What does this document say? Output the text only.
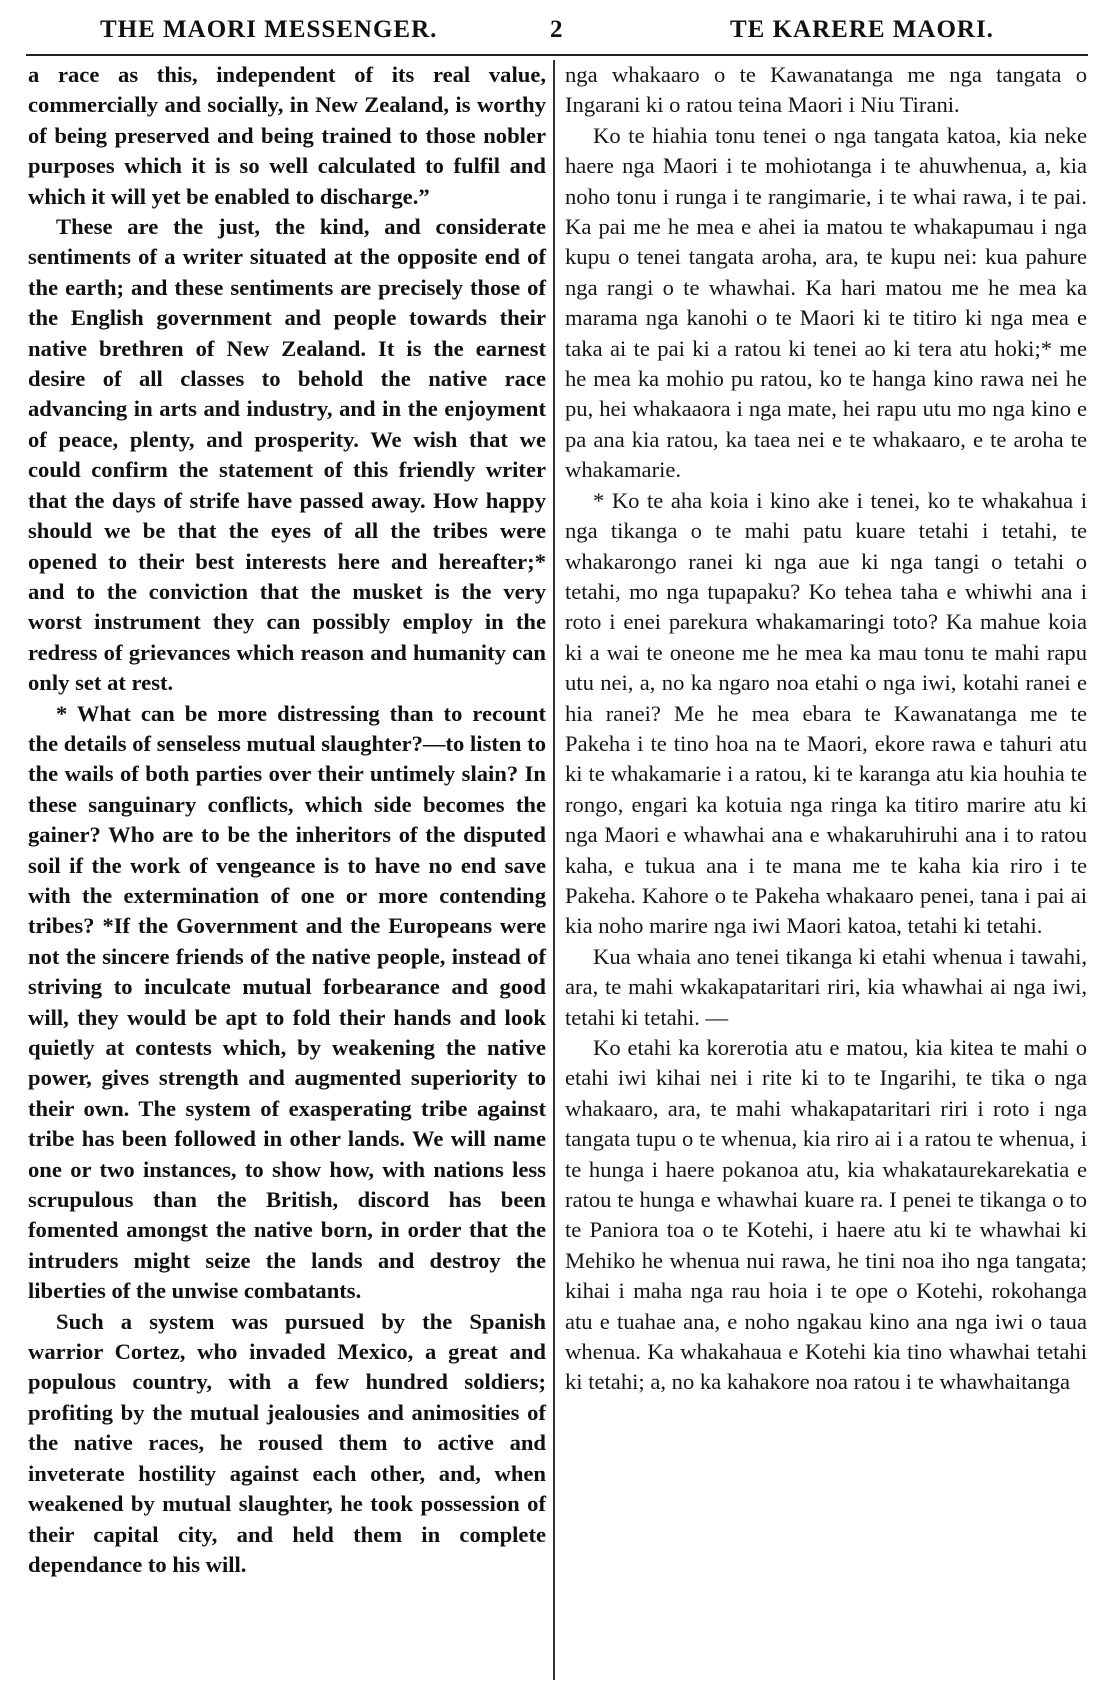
THE MAORI MESSENGER.	2	TE KARERE MAORI.

a race as this, independent of its real value, commercially and socially, in New Zealand, is worthy of being preserved and being trained to those nobler purposes which it is so well calculated to fulfil and which it will yet be enabled to discharge.”

These are the just, the kind, and considerate sentiments of a writer situated at the opposite end of the earth; and these sentiments are precisely those of the English government and people towards their native brethren of New Zealand. It is the earnest desire of all classes to behold the native race advancing in arts and industry, and in the enjoyment of peace, plenty, and prosperity. We wish that we could confirm the statement of this friendly writer that the days of strife have passed away. How happy should we be that the eyes of all the tribes were opened to their best interests here and hereafter;* and to the conviction that the musket is the very worst instrument they can possibly employ in the redress of grievances which reason and humanity can only set at rest.

* What can be more distressing than to recount the details of senseless mutual slaughter?—to listen to the wails of both parties over their untimely slain? In these sanguinary conflicts, which side becomes the gainer? Who are to be the inheritors of the disputed soil if the work of vengeance is to have no end save with the extermination of one or more contending tribes? *If the Government and the Europeans were not the sincere friends of the native people, instead of striving to inculcate mutual forbearance and good will, they would be apt to fold their hands and look quietly at contests which, by weakening the native power, gives strength and augmented superiority to their own. The system of exasperating tribe against tribe has been followed in other lands. We will name one or two instances, to show how, with nations less scrupulous than the British, discord has been fomented amongst the native born, in order that the intruders might seize the lands and destroy the liberties of the unwise combatants.

Such a system was pursued by the Spanish warrior Cortez, who invaded Mexico, a great and populous country, with a few hundred soldiers; profiting by the mutual jealousies and animosities of the native races, he roused them to active and inveterate hostility against each other, and, when weakened by mutual slaughter, he took possession of their capital city, and held them in complete dependance to his will.

nga whakaaro o te Kawanatanga me nga tangata o Ingarani ki o ratou teina Maori i Niu Tirani.

Ko te hiahia tonu tenei o nga tangata katoa, kia neke haere nga Maori i te mohiotanga i te ahuwhenua, a, kia noho tonu i runga i te rangimarie, i te whai rawa, i te pai. Ka pai me he mea e ahei ia matou te whakapumau i nga kupu o tenei tangata aroha, ara, te kupu nei: kua pahure nga rangi o te whawhai. Ka hari matou me he mea ka marama nga kanohi o te Maori ki te titiro ki nga mea e taka ai te pai ki a ratou ki tenei ao ki tera atu hoki;* me he mea ka mohio pu ratou, ko te hanga kino rawa nei he pu, hei whakaaora i nga mate, hei rapu utu mo nga kino e pa ana kia ratou, ka taea nei e te whakaaro, e te aroha te whakamarie.

* Ko te aha koia i kino ake i tenei, ko te whakahua i nga tikanga o te mahi patu kuare tetahi i tetahi, te whakarongo ranei ki nga aue ki nga tangi o tetahi o tetahi, mo nga tupapaku? Ko tehea taha e whiwhi ana i roto i enei parekura whakamaringi toto? Ka mahue koia ki a wai te oneone me he mea ka mau tonu te mahi rapu utu nei, a, no ka ngaro noa etahi o nga iwi, kotahi ranei e hia ranei? Me he mea ebara te Kawanatanga me te Pakeha i te tino hoa na te Maori, ekore rawa e tahuri atu ki te whakamarie i a ratou, ki te karanga atu kia houhia te rongo, engari ka kotuia nga ringa ka titiro marire atu ki nga Maori e whawhai ana e whakaruhiruhi ana i to ratou kaha, e tukua ana i te mana me te kaha kia riro i te Pakeha. Kahore o te Pakeha whakaaro penei, tana i pai ai kia noho marire nga iwi Maori katoa, tetahi ki tetahi.

Kua whaia ano tenei tikanga ki etahi whenua i tawahi, ara, te mahi wkakapataritari riri, kia whawhai ai nga iwi, tetahi ki tetahi. —

Ko etahi ka korerotia atu e matou, kia kitea te mahi o etahi iwi kihai nei i rite ki to te Ingarihi, te tika o nga whakaaro, ara, te mahi whakapataritari riri i roto i nga tangata tupu o te whenua, kia riro ai i a ratou te whenua, i te hunga i haere pokanoa atu, kia whakataurekarekatia e ratou te hunga e whawhai kuare ra. I penei te tikanga o to te Paniora toa o te Kotehi, i haere atu ki te whawhai ki Mehiko he whenua nui rawa, he tini noa iho nga tangata; kihai i maha nga rau hoia i te ope o Kotehi, rokohanga atu e tuahae ana, e noho ngakau kino ana nga iwi o taua whenua. Ka whakahaua e Kotehi kia tino whawhai tetahi ki tetahi; a, no ka kahakore noa ratou i te whawhaitanga
